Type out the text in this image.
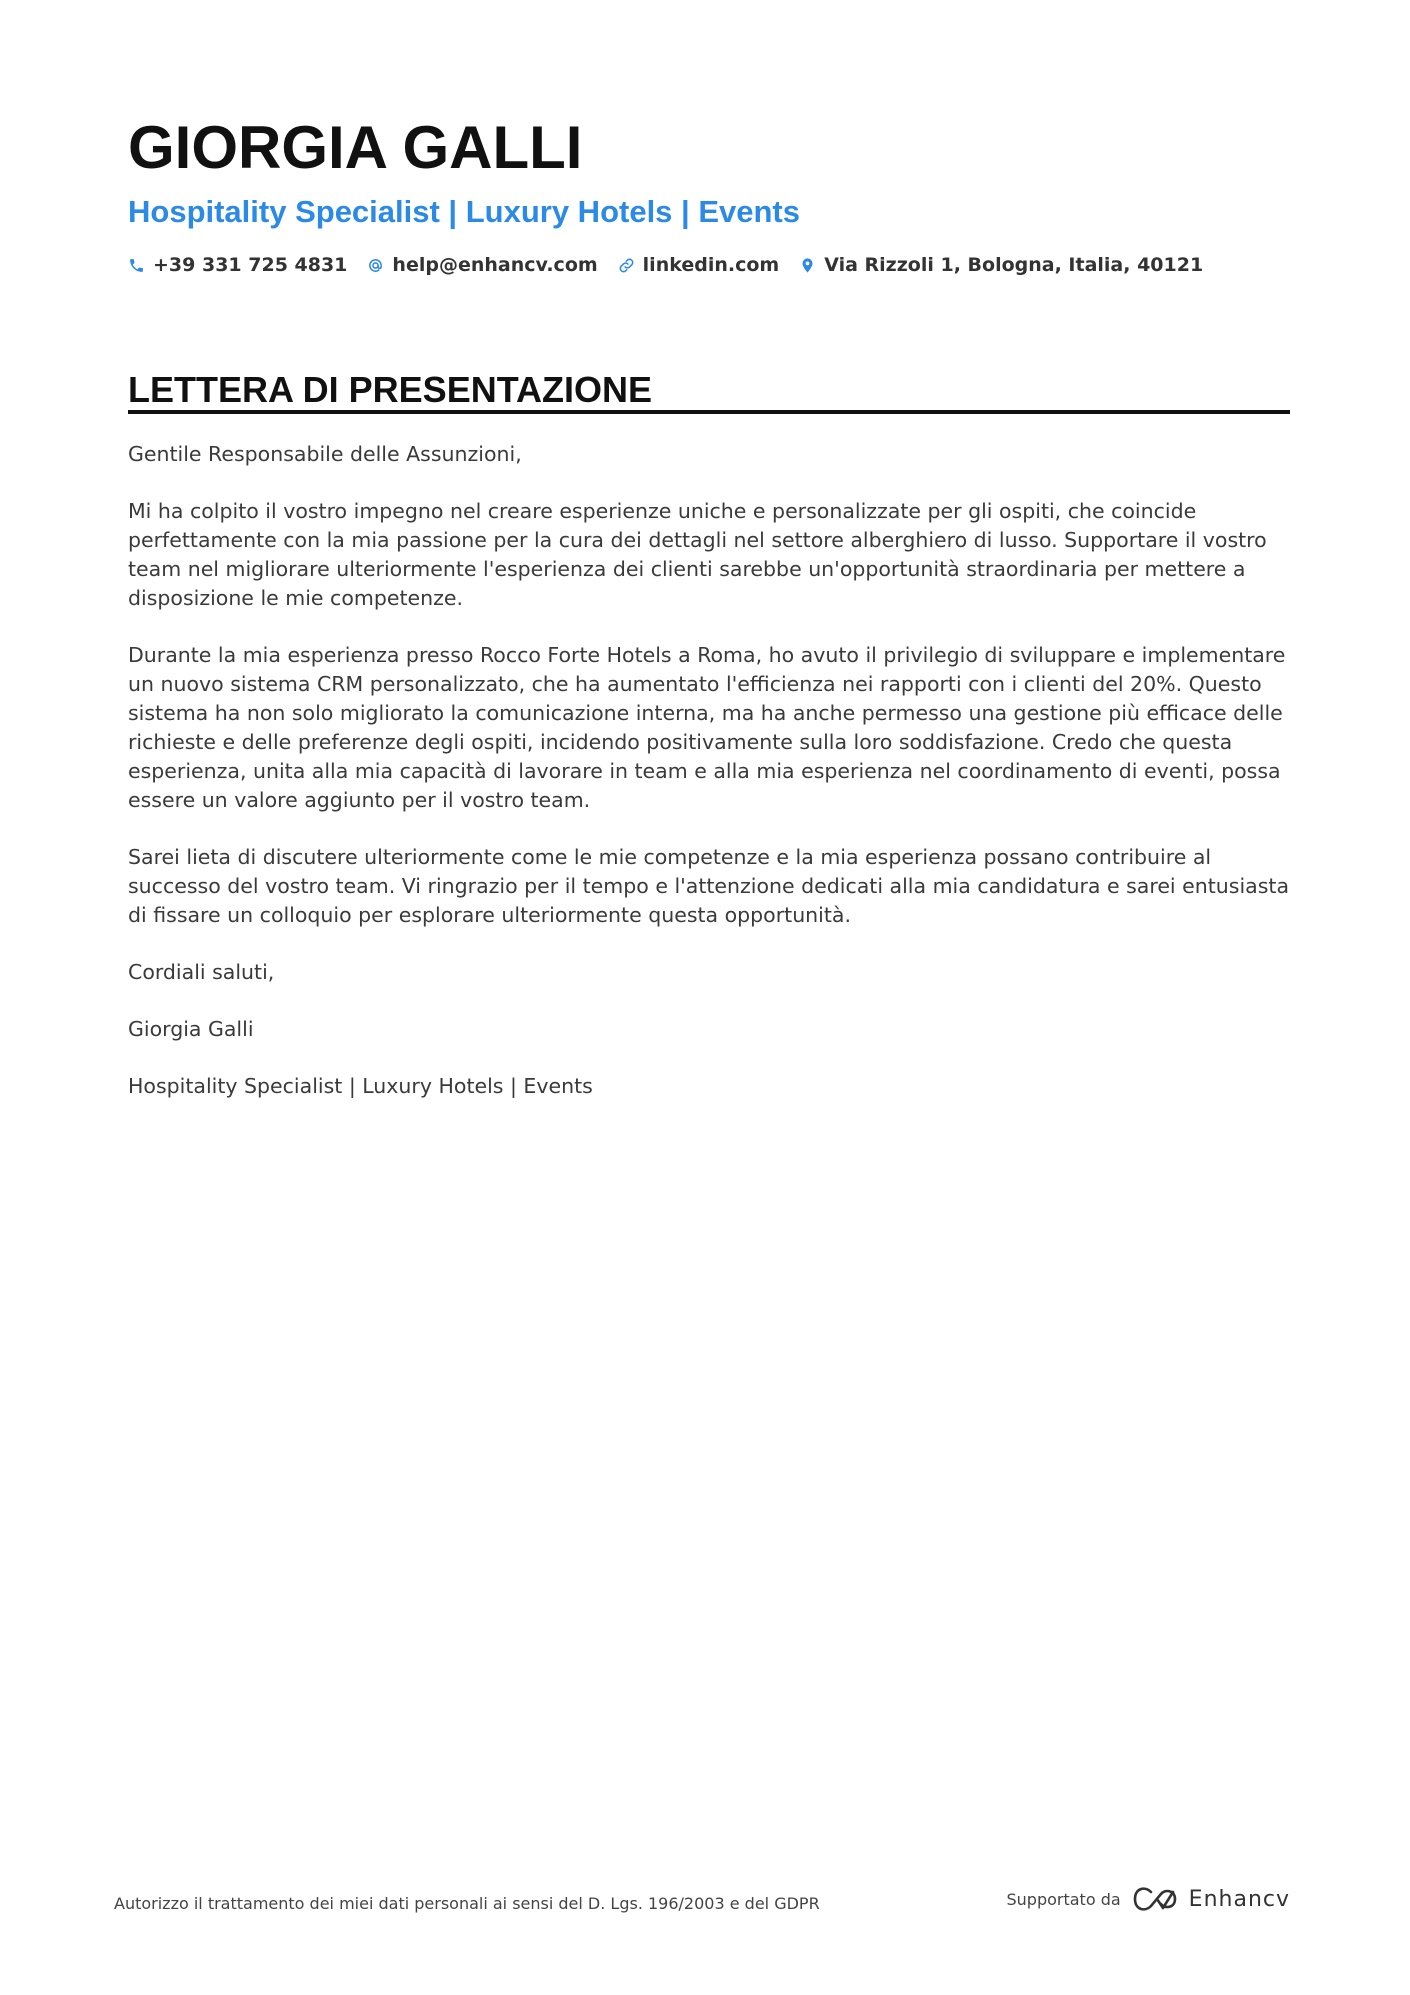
GIORGIA GALLI
Hospitality Specialist | Luxury Hotels | Events
+39 331 725 4831 help@enhancv.com linkedin.com Via Rizzoli 1, Bologna, Italia, 40121
LETTERA DI PRESENTAZIONE

Gentile Responsabile delle Assunzioni,

Mi ha colpito il vostro impegno nel creare esperienze uniche e personalizzate per gli ospiti, che coincide perfettamente con la mia passione per la cura dei dettagli nel settore alberghiero di lusso. Supportare il vostro team nel migliorare ulteriormente l'esperienza dei clienti sarebbe un'opportunità straordinaria per mettere a disposizione le mie competenze.

Durante la mia esperienza presso Rocco Forte Hotels a Roma, ho avuto il privilegio di sviluppare e implementare un nuovo sistema CRM personalizzato, che ha aumentato l'efficienza nei rapporti con i clienti del 20%. Questo sistema ha non solo migliorato la comunicazione interna, ma ha anche permesso una gestione più efficace delle richieste e delle preferenze degli ospiti, incidendo positivamente sulla loro soddisfazione. Credo che questa esperienza, unita alla mia capacità di lavorare in team e alla mia esperienza nel coordinamento di eventi, possa essere un valore aggiunto per il vostro team.

Sarei lieta di discutere ulteriormente come le mie competenze e la mia esperienza possano contribuire al successo del vostro team. Vi ringrazio per il tempo e l'attenzione dedicati alla mia candidatura e sarei entusiasta di fissare un colloquio per esplorare ulteriormente questa opportunità.

Cordiali saluti,

Giorgia Galli

Hospitality Specialist | Luxury Hotels | Events

Autorizzo il trattamento dei miei dati personali ai sensi del D. Lgs. 196/2003 e del GDPR	Supportato da	Enhancv
